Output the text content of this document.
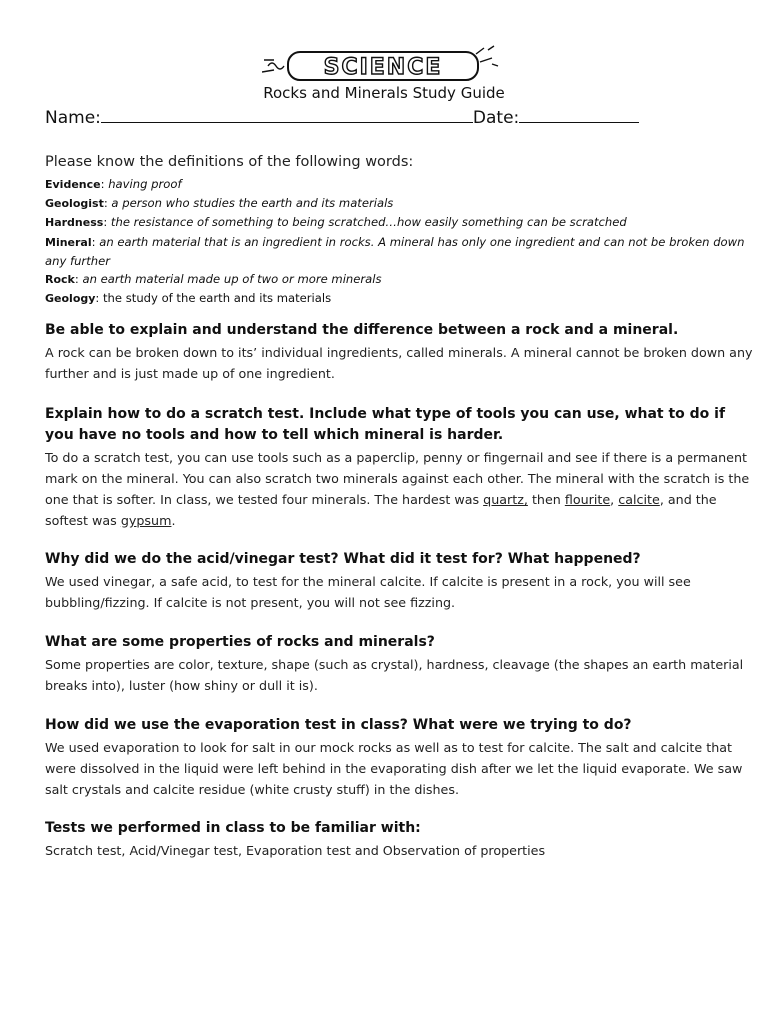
SCIENCE
Rocks and Minerals Study Guide
Name:	Date:
Please know the definitions of the following words:
Evidence: having proof
Geologist: a person who studies the earth and its materials
Hardness: the resistance of something to being scratched…how easily something can be scratched
Mineral: an earth material that is an ingredient in rocks. A mineral has only one ingredient and can not be broken down any further
Rock: an earth material made up of two or more minerals
Geology: the study of the earth and its materials
Be able to explain and understand the difference between a rock and a mineral.
A rock can be broken down to its’ individual ingredients, called minerals. A mineral cannot be broken down any further and is just made up of one ingredient.
Explain how to do a scratch test. Include what type of tools you can use, what to do if you have no tools and how to tell which mineral is harder.
To do a scratch test, you can use tools such as a paperclip, penny or fingernail and see if there is a permanent mark on the mineral. You can also scratch two minerals against each other. The mineral with the scratch is the one that is softer. In class, we tested four minerals. The hardest was quartz, then flourite, calcite, and the softest was gypsum.
Why did we do the acid/vinegar test? What did it test for? What happened?
We used vinegar, a safe acid, to test for the mineral calcite. If calcite is present in a rock, you will see bubbling/fizzing. If calcite is not present, you will not see fizzing.
What are some properties of rocks and minerals?
Some properties are color, texture, shape (such as crystal), hardness, cleavage (the shapes an earth material breaks into), luster (how shiny or dull it is).
How did we use the evaporation test in class? What were we trying to do?
We used evaporation to look for salt in our mock rocks as well as to test for calcite. The salt and calcite that were dissolved in the liquid were left behind in the evaporating dish after we let the liquid evaporate. We saw salt crystals and calcite residue (white crusty stuff) in the dishes.
Tests we performed in class to be familiar with:
Scratch test, Acid/Vinegar test, Evaporation test and Observation of properties
